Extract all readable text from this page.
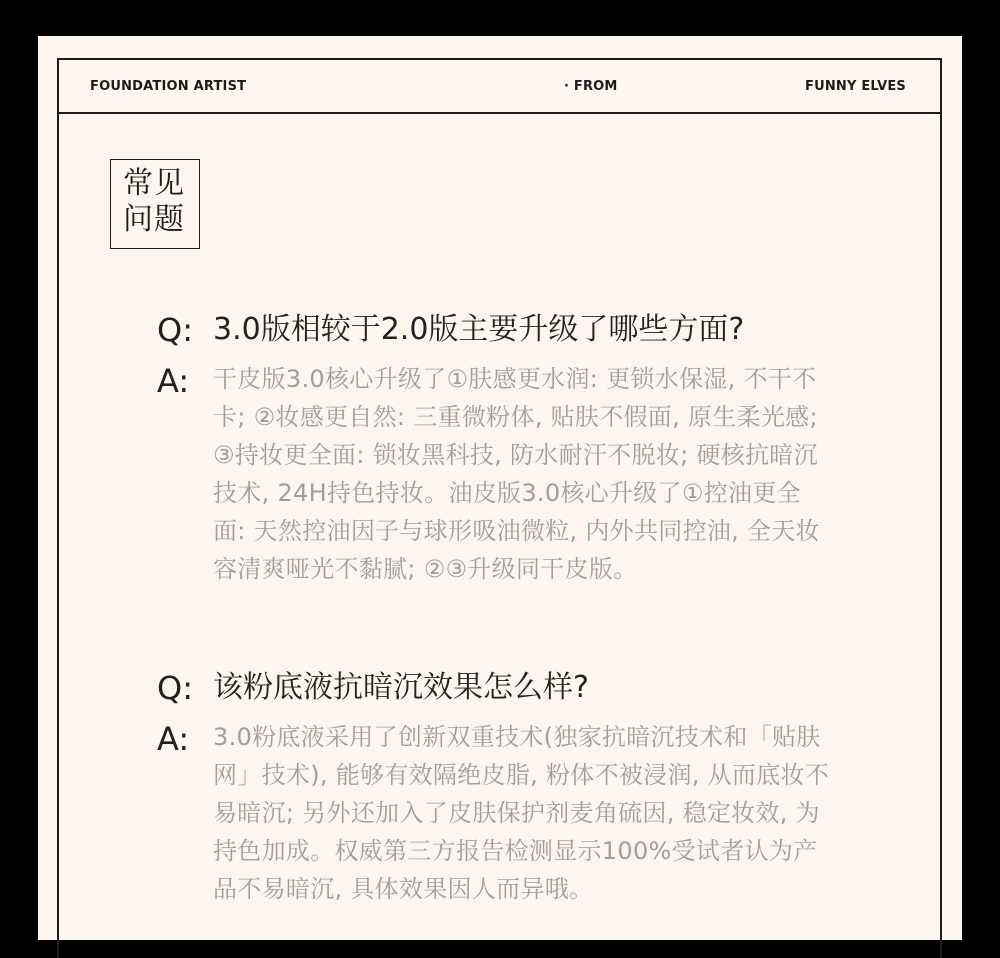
FOUNDATION ARTIST	· FROM	FUNNY ELVES
常见
问题
Q: 3.0版相较于2.0版主要升级了哪些方面?
A: 干皮版3.0核心升级了①肤感更水润: 更锁水保湿, 不干不卡; ②妆感更自然: 三重微粉体, 贴肤不假面, 原生柔光感; ③持妆更全面: 锁妆黑科技, 防水耐汗不脱妆; 硬核抗暗沉技术, 24H持色持妆。油皮版3.0核心升级了①控油更全面: 天然控油因子与球形吸油微粒, 内外共同控油, 全天妆容清爽哑光不黏腻; ②③升级同干皮版。
Q: 该粉底液抗暗沉效果怎么样?
A: 3.0粉底液采用了创新双重技术(独家抗暗沉技术和「贴肤网」技术), 能够有效隔绝皮脂, 粉体不被浸润, 从而底妆不易暗沉; 另外还加入了皮肤保护剂麦角硫因, 稳定妆效, 为持色加成。权威第三方报告检测显示100%受试者认为产品不易暗沉, 具体效果因人而异哦。
